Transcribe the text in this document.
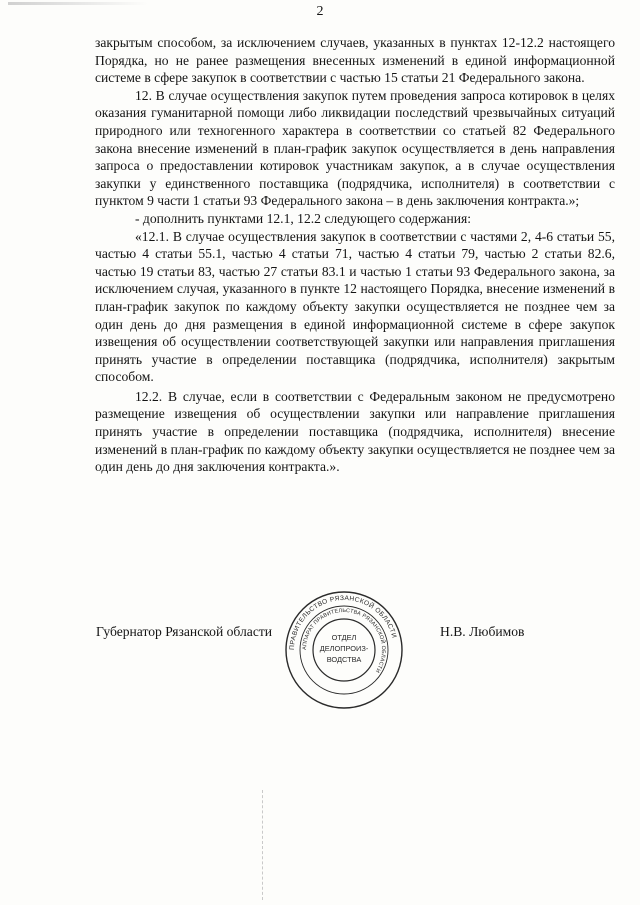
2

закрытым способом, за исключением случаев, указанных в пунктах 12-12.2 настоящего Порядка, но не ранее размещения внесенных изменений в единой информационной системе в сфере закупок в соответствии с частью 15 статьи 21 Федерального закона.

12. В случае осуществления закупок путем проведения запроса котировок в целях оказания гуманитарной помощи либо ликвидации последствий чрезвычайных ситуаций природного или техногенного характера в соответствии со статьей 82 Федерального закона внесение изменений в план-график закупок осуществляется в день направления запроса о предоставлении котировок участникам закупок, а в случае осуществления закупки у единственного поставщика (подрядчика, исполнителя) в соответствии с пунктом 9 части 1 статьи 93 Федерального закона – в день заключения контракта.»;

- дополнить пунктами 12.1, 12.2 следующего содержания:

«12.1. В случае осуществления закупок в соответствии с частями 2, 4-6 статьи 55, частью 4 статьи 55.1, частью 4 статьи 71, частью 4 статьи 79, частью 2 статьи 82.6, частью 19 статьи 83, частью 27 статьи 83.1 и частью 1 статьи 93 Федерального закона, за исключением случая, указанного в пункте 12 настоящего Порядка, внесение изменений в план-график закупок по каждому объекту закупки осуществляется не позднее чем за один день до дня размещения в единой информационной системе в сфере закупок извещения об осуществлении соответствующей закупки или направления приглашения принять участие в определении поставщика (подрядчика, исполнителя) закрытым способом.

12.2. В случае, если в соответствии с Федеральным законом не предусмотрено размещение извещения об осуществлении закупки или направление приглашения принять участие в определении поставщика (подрядчика, исполнителя) внесение изменений в план-график по каждому объекту закупки осуществляется не позднее чем за один день до дня заключения контракта.».

Губернатор Рязанской области	Н.В. Любимов
ПРАВИТЕЛЬСТВО РЯЗАНСКОЙ ОБЛАСТИ
АППАРАТ ПРАВИТЕЛЬСТВА РЯЗАНСКОЙ ОБЛАСТИ
ОТДЕЛ
ДЕЛОПРОИЗ-
ВОДСТВА
